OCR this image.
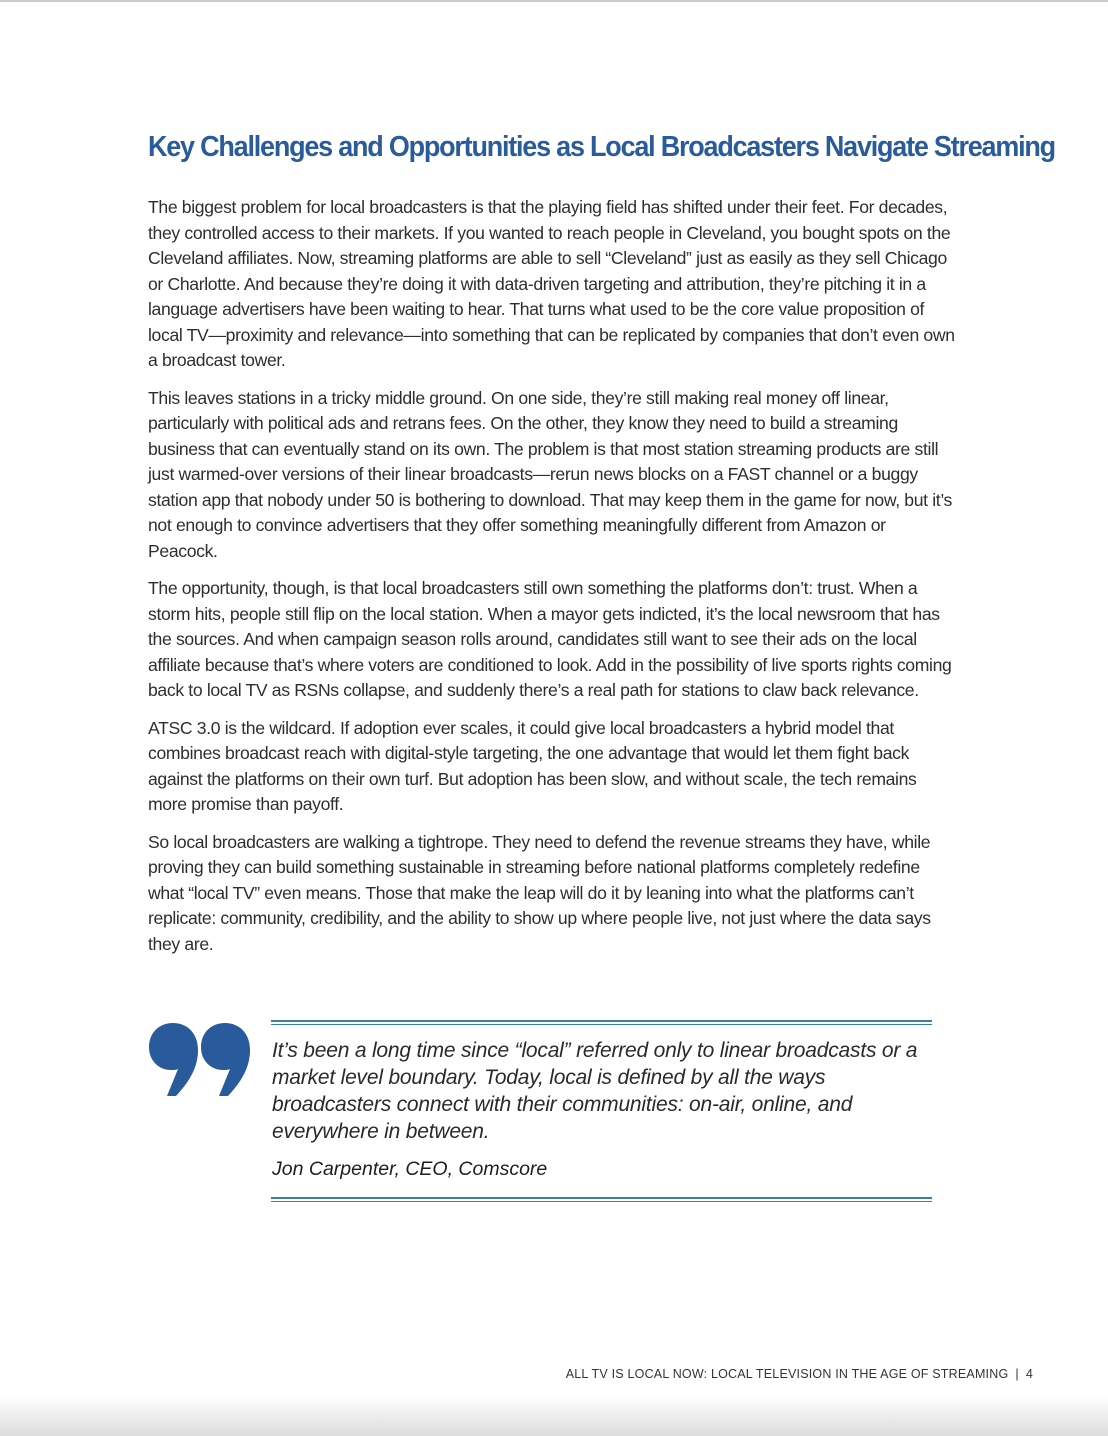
Key Challenges and Opportunities as Local Broadcasters Navigate Streaming

The biggest problem for local broadcasters is that the playing field has shifted under their feet. For decades, they controlled access to their markets. If you wanted to reach people in Cleveland, you bought spots on the Cleveland affiliates. Now, streaming platforms are able to sell “Cleveland” just as easily as they sell Chicago or Charlotte. And because they’re doing it with data-driven targeting and attribution, they’re pitching it in a language advertisers have been waiting to hear. That turns what used to be the core value proposition of local TV—proximity and relevance—into something that can be replicated by companies that don’t even own a broadcast tower.

This leaves stations in a tricky middle ground. On one side, they’re still making real money off linear, particularly with political ads and retrans fees. On the other, they know they need to build a streaming business that can eventually stand on its own. The problem is that most station streaming products are still just warmed-over versions of their linear broadcasts—rerun news blocks on a FAST channel or a buggy station app that nobody under 50 is bothering to download. That may keep them in the game for now, but it’s not enough to convince advertisers that they offer something meaningfully different from Amazon or Peacock.

The opportunity, though, is that local broadcasters still own something the platforms don’t: trust. When a storm hits, people still flip on the local station. When a mayor gets indicted, it’s the local newsroom that has the sources. And when campaign season rolls around, candidates still want to see their ads on the local affiliate because that’s where voters are conditioned to look. Add in the possibility of live sports rights coming back to local TV as RSNs collapse, and suddenly there’s a real path for stations to claw back relevance.

ATSC 3.0 is the wildcard. If adoption ever scales, it could give local broadcasters a hybrid model that combines broadcast reach with digital-style targeting, the one advantage that would let them fight back against the platforms on their own turf. But adoption has been slow, and without scale, the tech remains more promise than payoff.

So local broadcasters are walking a tightrope. They need to defend the revenue streams they have, while proving they can build something sustainable in streaming before national platforms completely redefine what “local TV” even means. Those that make the leap will do it by leaning into what the platforms can’t replicate: community, credibility, and the ability to show up where people live, not just where the data says they are.

It’s been a long time since “local” referred only to linear broadcasts or a market level boundary. Today, local is defined by all the ways broadcasters connect with their communities: on-air, online, and everywhere in between.

Jon Carpenter, CEO, Comscore

ALL TV IS LOCAL NOW: LOCAL TELEVISION IN THE AGE OF STREAMING | 4
